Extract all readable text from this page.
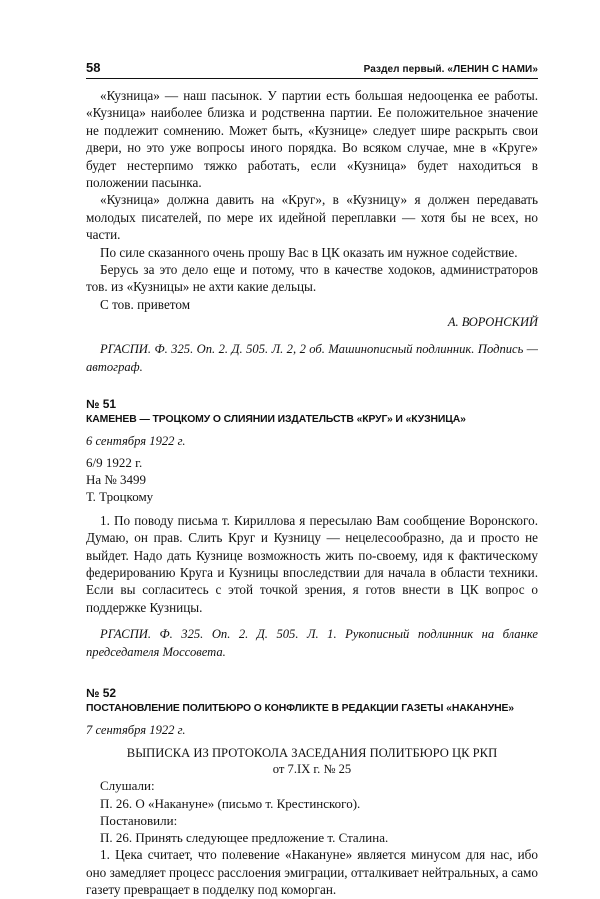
58	Раздел первый. «ЛЕНИН С НАМИ»

«Кузница» — наш пасынок. У партии есть большая недооценка ее работы. «Кузница» наиболее близка и родственна партии. Ее положительное значение не подлежит сомнению. Может быть, «Кузнице» следует шире раскрыть свои двери, но это уже вопросы иного порядка. Во всяком случае, мне в «Круге» будет нестерпимо тяжко работать, если «Кузница» будет находиться в положении пасынка.

«Кузница» должна давить на «Круг», в «Кузницу» я должен передавать молодых писателей, по мере их идейной переплавки — хотя бы не всех, но части.

По силе сказанного очень прошу Вас в ЦК оказать им нужное содействие.

Берусь за это дело еще и потому, что в качестве ходоков, администраторов тов. из «Кузницы» не ахти какие дельцы.

С тов. приветом

А. ВОРОНСКИЙ

РГАСПИ. Ф. 325. Оп. 2. Д. 505. Л. 2, 2 об. Машинописный подлинник. Подпись — автограф.

№ 51
КАМЕНЕВ — ТРОЦКОМУ О СЛИЯНИИ ИЗДАТЕЛЬСТВ «КРУГ» И «КУЗНИЦА»
6 сентября 1922 г.
6/9 1922 г.
На № 3499
Т. Троцкому

1. По поводу письма т. Кириллова я пересылаю Вам сообщение Воронского. Думаю, он прав. Слить Круг и Кузницу — нецелесообразно, да и просто не выйдет. Надо дать Кузнице возможность жить по-своему, идя к фактическому федерированию Круга и Кузницы впоследствии для начала в области техники. Если вы согласитесь с этой точкой зрения, я готов внести в ЦК вопрос о поддержке Кузницы.

РГАСПИ. Ф. 325. Оп. 2. Д. 505. Л. 1. Рукописный подлинник на бланке председателя Моссовета.

№ 52
ПОСТАНОВЛЕНИЕ ПОЛИТБЮРО О КОНФЛИКТЕ В РЕДАКЦИИ ГАЗЕТЫ «НАКАНУНЕ»
7 сентября 1922 г.
ВЫПИСКА ИЗ ПРОТОКОЛА ЗАСЕДАНИЯ ПОЛИТБЮРО ЦК РКП
от 7.IX г. № 25
Слушали:
П. 26. О «Накануне» (письмо т. Крестинского).
Постановили:
П. 26. Принять следующее предложение т. Сталина.

1. Цека считает, что полевение «Накануне» является минусом для нас, ибо оно замедляет процесс расслоения эмиграции, отталкивает нейтральных, а само газету превращает в подделку под коморган.
